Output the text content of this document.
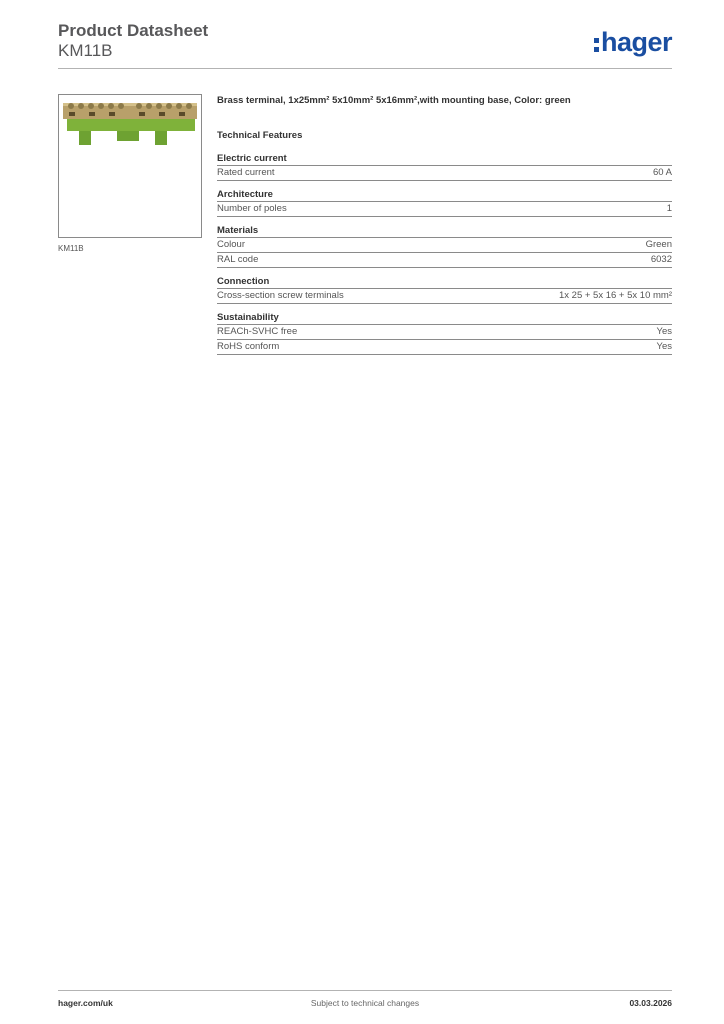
Product Datasheet
KM11B	hager
KM11B
Brass terminal, 1x25mm² 5x10mm² 5x16mm²,with mounting base, Color: green
Technical Features
Electric current
Rated current	60 A
Architecture
Number of poles	1
Materials
Colour	Green
RAL code	6032
Connection
Cross-section screw terminals	1x 25 + 5x 16 + 5x 10 mm²
Sustainability
REACh-SVHC free	Yes
RoHS conform	Yes
hager.com/uk	Subject to technical changes	03.03.2026
